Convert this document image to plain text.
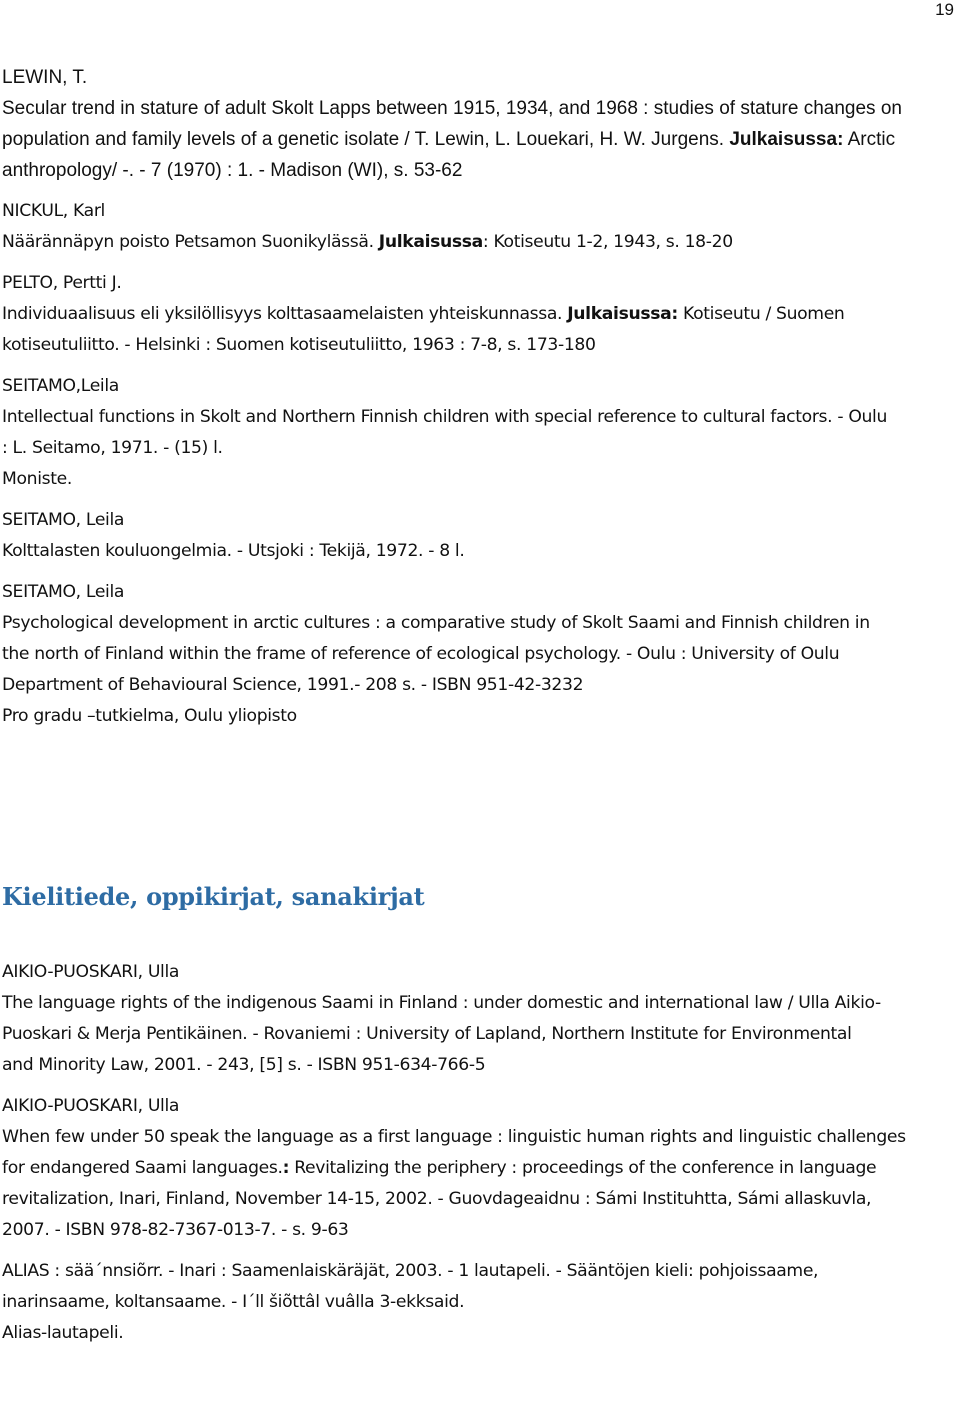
19
LEWIN, T.
Secular trend in stature of adult Skolt Lapps between 1915, 1934, and 1968 : studies of stature changes on
population and family levels of a genetic isolate / T. Lewin, L. Louekari, H. W. Jurgens. Julkaisussa: Arctic
anthropology/ -. - 7 (1970) : 1. - Madison (WI), s. 53-62
NICKUL, Karl
Näärännäpyn poisto Petsamon Suonikylässä. Julkaisussa: Kotiseutu 1-2, 1943, s. 18-20
PELTO, Pertti J.
Individuaalisuus eli yksilöllisyys kolttasaamelaisten yhteiskunnassa. Julkaisussa: Kotiseutu / Suomen
kotiseutuliitto. - Helsinki : Suomen kotiseutuliitto, 1963 : 7-8, s. 173-180
SEITAMO,Leila
Intellectual functions in Skolt and Northern Finnish children with special reference to cultural factors. - Oulu
: L. Seitamo, 1971. - (15) l.
Moniste.
SEITAMO, Leila
Kolttalasten kouluongelmia. - Utsjoki : Tekijä, 1972. - 8 l.
SEITAMO, Leila
Psychological development in arctic cultures : a comparative study of Skolt Saami and Finnish children in
the north of Finland within the frame of reference of ecological psychology. - Oulu : University of Oulu
Department of Behavioural Science, 1991.- 208 s. - ISBN 951-42-3232
Pro gradu –tutkielma, Oulu yliopisto
Kielitiede, oppikirjat, sanakirjat
AIKIO-PUOSKARI, Ulla
The language rights of the indigenous Saami in Finland : under domestic and international law / Ulla Aikio-
Puoskari & Merja Pentikäinen. - Rovaniemi : University of Lapland, Northern Institute for Environmental
and Minority Law, 2001. - 243, [5] s. - ISBN 951-634-766-5
AIKIO-PUOSKARI, Ulla
When few under 50 speak the language as a first language : linguistic human rights and linguistic challenges
for endangered Saami languages.: Revitalizing the periphery : proceedings of the conference in language
revitalization, Inari, Finland, November 14-15, 2002. - Guovdageaidnu : Sámi Instituhtta, Sámi allaskuvla,
2007. - ISBN 978-82-7367-013-7. - s. 9-63
ALIAS : sää´nnsiõrr. - Inari : Saamenlaiskäräjät, 2003. - 1 lautapeli. - Sääntöjen kieli: pohjoissaame,
inarinsaame, koltansaame. - I´ll šiõttâl vuâlla 3-ekksaid.
Alias-lautapeli.
